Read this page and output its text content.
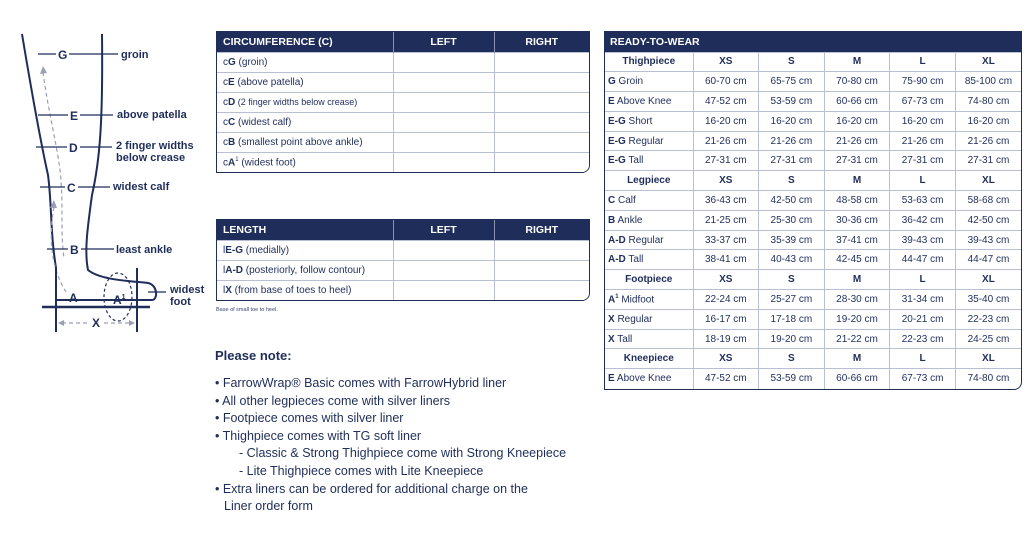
G
E
D
C
B
A	$A^1$
X
groin
above patella
2 finger widths
below crease
widest calf
least ankle
widest
foot
CIRCUMFERENCE (C)	LEFT	RIGHT
cG (groin)		
cE (above patella)		
cD (2 finger widths below crease)		
cC (widest calf)		
cB (smallest point above ankle)		
$cA^1$ (widest foot)		
LENGTH	LEFT	RIGHT
lE-G (medially)		
lA-D (posteriorly, follow contour)		
lX (from base of toes to heel)		
Base of small toe to heel.
Please note:
• FarrowWrap® Basic comes with FarrowHybrid liner
• All other legpieces come with silver liners
• Footpiece comes with silver liner
• Thighpiece comes with TG soft liner
- Classic & Strong Thighpiece come with Strong Kneepiece
- Lite Thighpiece comes with Lite Kneepiece
• Extra liners can be ordered for additional charge on the
Liner order form
READY-TO-WEAR					
Thighpiece	XS	S	M	L	XL
G Groin	60-70 cm	65-75 cm	70-80 cm	75-90 cm	85-100 cm
E Above Knee	47-52 cm	53-59 cm	60-66 cm	67-73 cm	74-80 cm
E-G Short	16-20 cm	16-20 cm	16-20 cm	16-20 cm	16-20 cm
E-G Regular	21-26 cm	21-26 cm	21-26 cm	21-26 cm	21-26 cm
E-G Tall	27-31 cm	27-31 cm	27-31 cm	27-31 cm	27-31 cm
Legpiece	XS	S	M	L	XL
C Calf	36-43 cm	42-50 cm	48-58 cm	53-63 cm	58-68 cm
B Ankle	21-25 cm	25-30 cm	30-36 cm	36-42 cm	42-50 cm
A-D Regular	33-37 cm	35-39 cm	37-41 cm	39-43 cm	39-43 cm
A-D Tall	38-41 cm	40-43 cm	42-45 cm	44-47 cm	44-47 cm
Footpiece	XS	S	M	L	XL
$A^1$ Midfoot	22-24 cm	25-27 cm	28-30 cm	31-34 cm	35-40 cm
X Regular	16-17 cm	17-18 cm	19-20 cm	20-21 cm	22-23 cm
X Tall	18-19 cm	19-20 cm	21-22 cm	22-23 cm	24-25 cm
Kneepiece	XS	S	M	L	XL
E Above Knee	47-52 cm	53-59 cm	60-66 cm	67-73 cm	74-80 cm
